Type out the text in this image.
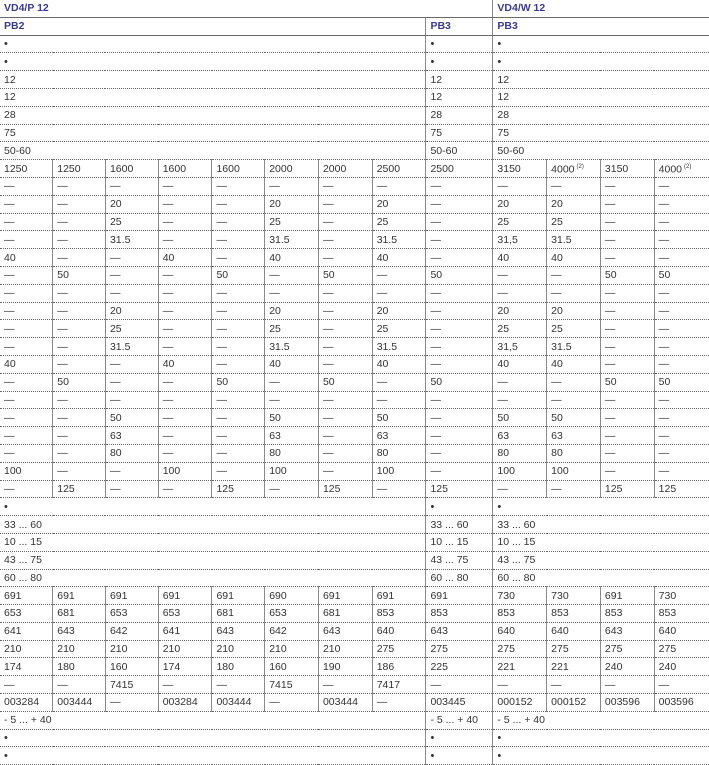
VD4/P 12									VD4/W 12			
PB2								PB3	PB3			
•								•	•			
•								•	•			
12								12	12			
12								12	12			
28								28	28			
75								75	75			
50-60								50-60	50-60			
1250	1250	1600	1600	1600	2000	2000	2500	2500	3150	4000 $^{(2)}$	3150	4000 $^{(2)}$
—	—	—	—	—	—	—	—	—	—	—	—	—
—	—	20	—	—	20	—	20	—	20	20	—	—
—	—	25	—	—	25	—	25	—	25	25	—	—
—	—	31.5	—	—	31.5	—	31.5	—	31,5	31.5	—	—
40	—	—	40	—	40	—	40	—	40	40	—	—
—	50	—	—	50	—	50	—	50	—	—	50	50
—	—	—	—	—	—	—	—	—	—	—	—	—
—	—	20	—	—	20	—	20	—	20	20	—	—
—	—	25	—	—	25	—	25	—	25	25	—	—
—	—	31.5	—	—	31.5	—	31.5	—	31,5	31.5	—	—
40	—	—	40	—	40	—	40	—	40	40	—	—
—	50	—	—	50	—	50	—	50	—	—	50	50
—	—	—	—	—	—	—	—	—	—	—	—	—
—	—	50	—	—	50	—	50	—	50	50	—	—
—	—	63	—	—	63	—	63	—	63	63	—	—
—	—	80	—	—	80	—	80	—	80	80	—	—
100	—	—	100	—	100	—	100	—	100	100	—	—
—	125	—	—	125	—	125	—	125	—	—	125	125
•								•	•			
33 ... 60								33 ... 60	33 ... 60			
10 ... 15								10 ... 15	10 ... 15			
43 ... 75								43 ... 75	43 ... 75			
60 ... 80								60 ... 80	60 ... 80			
691	691	691	691	691	690	691	691	691	730	730	691	730
653	681	653	653	681	653	681	853	853	853	853	853	853
641	643	642	641	643	642	643	640	643	640	640	643	640
210	210	210	210	210	210	210	275	275	275	275	275	275
174	180	160	174	180	160	190	186	225	221	221	240	240
—	—	7415	—	—	7415	—	7417	—	—	—	—	—
003284	003444	—	003284	003444	—	003444	—	003445	000152	000152	003596	003596
- 5 ... + 40								- 5 ... + 40	- 5 ... + 40			
•								•	•			
•								•	•			
